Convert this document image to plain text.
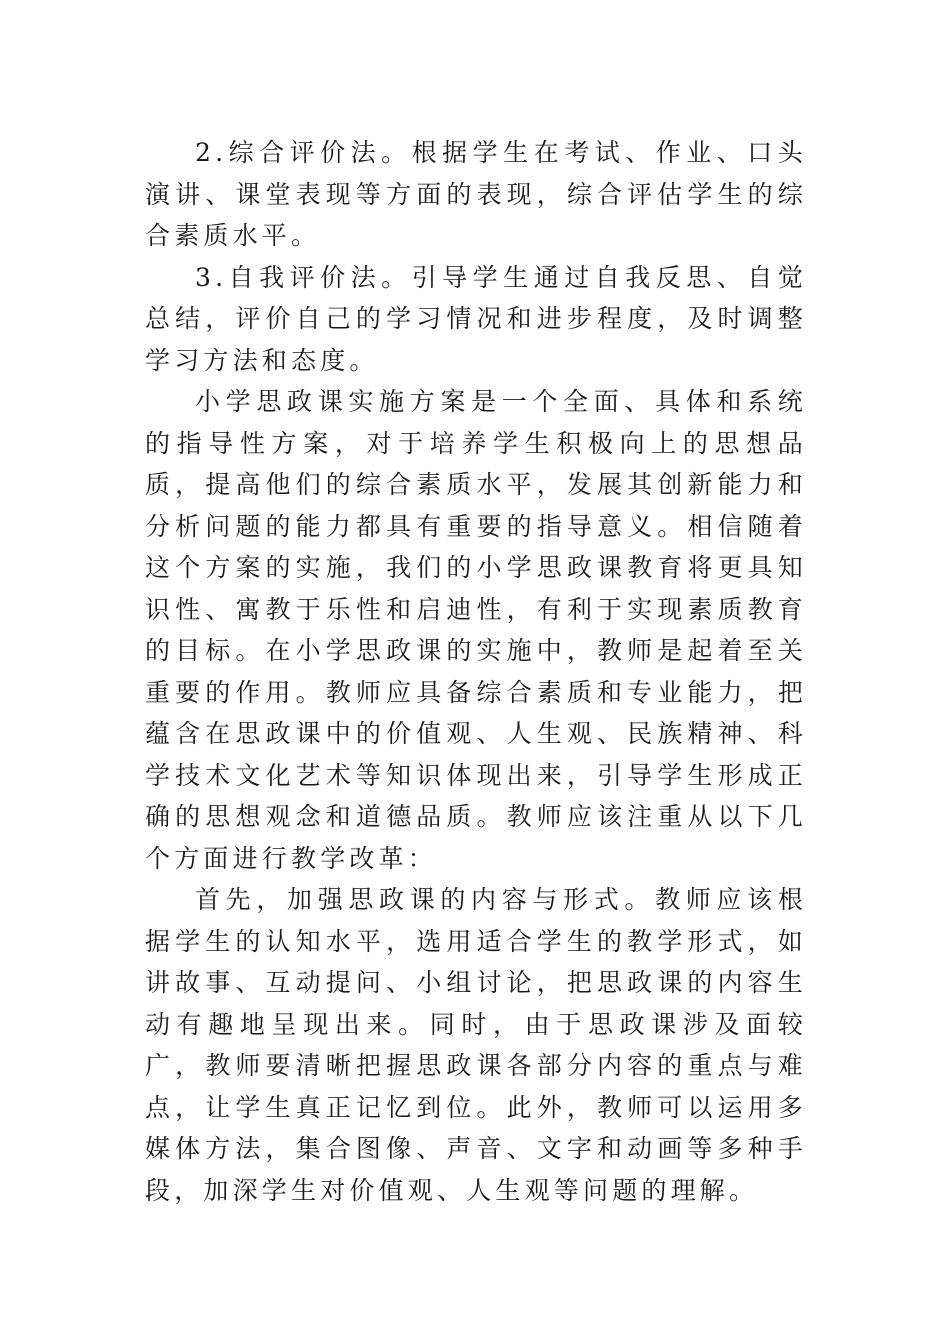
2.综合评价法。根据学生在考试、作业、口头演讲、课堂表现等方面的表现，综合评估学生的综合素质水平。

3.自我评价法。引导学生通过自我反思、自觉总结，评价自己的学习情况和进步程度，及时调整学习方法和态度。

小学思政课实施方案是一个全面、具体和系统的指导性方案，对于培养学生积极向上的思想品质，提高他们的综合素质水平，发展其创新能力和分析问题的能力都具有重要的指导意义。相信随着这个方案的实施，我们的小学思政课教育将更具知识性、寓教于乐性和启迪性，有利于实现素质教育的目标。在小学思政课的实施中，教师是起着至关重要的作用。教师应具备综合素质和专业能力，把蕴含在思政课中的价值观、人生观、民族精神、科学技术文化艺术等知识体现出来，引导学生形成正确的思想观念和道德品质。教师应该注重从以下几个方面进行教学改革：

首先，加强思政课的内容与形式。教师应该根据学生的认知水平，选用适合学生的教学形式，如讲故事、互动提问、小组讨论，把思政课的内容生动有趣地呈现出来。同时，由于思政课涉及面较广，教师要清晰把握思政课各部分内容的重点与难点，让学生真正记忆到位。此外，教师可以运用多媒体方法，集合图像、声音、文字和动画等多种手段，加深学生对价值观、人生观等问题的理解。
